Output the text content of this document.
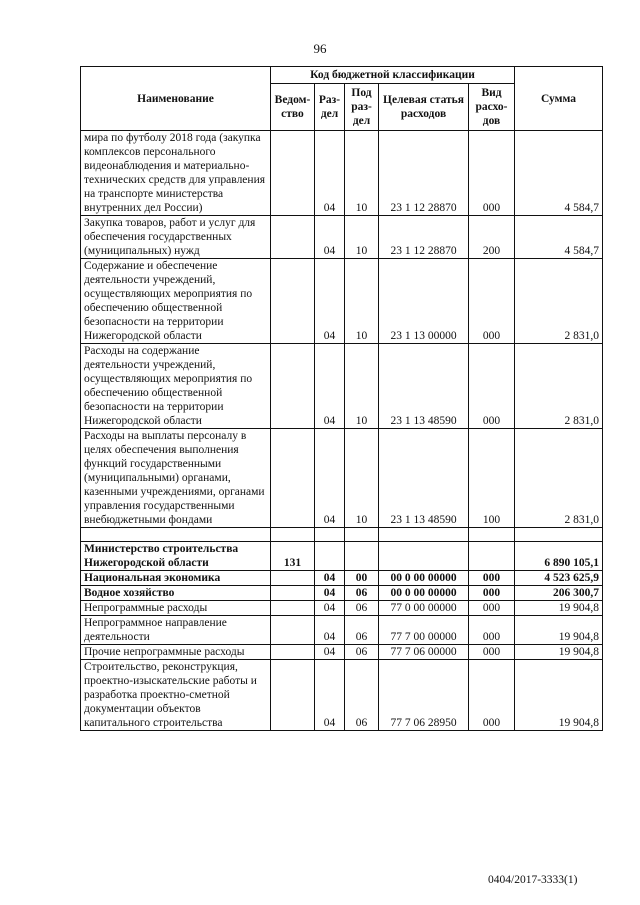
96
Наименование	Код бюджетной классификации					Сумма
	Ведом-ство	Раз-дел	Под раз-дел	Целевая статья расходов	Вид расхо-дов	
мира по футболу 2018 года (закупка комплексов персонального видеонаблюдения и материально-технических средств для управления на транспорте министерства внутренних дел России)		04	10	23 1 12 28870	000	4 584,7
Закупка товаров, работ и услуг для обеспечения государственных (муниципальных) нужд		04	10	23 1 12 28870	200	4 584,7
Содержание и обеспечение деятельности учреждений, осуществляющих мероприятия по обеспечению общественной безопасности на территории Нижегородской области		04	10	23 1 13 00000	000	2 831,0
Расходы на содержание деятельности учреждений, осуществляющих мероприятия по обеспечению общественной безопасности на территории Нижегородской области		04	10	23 1 13 48590	000	2 831,0
Расходы на выплаты персоналу в целях обеспечения выполнения функций государственными (муниципальными) органами, казенными учреждениями, органами управления государственными внебюджетными фондами		04	10	23 1 13 48590	100	2 831,0

Министерство строительства Нижегородской области	131					6 890 105,1
Национальная экономика		04	00	00 0 00 00000	000	4 523 625,9
Водное хозяйство		04	06	00 0 00 00000	000	206 300,7
Непрограммные расходы		04	06	77 0 00 00000	000	19 904,8
Непрограммное направление деятельности		04	06	77 7 00 00000	000	19 904,8
Прочие непрограммные расходы		04	06	77 7 06 00000	000	19 904,8
Строительство, реконструкция, проектно-изыскательские работы и разработка проектно-сметной документации объектов капитального строительства		04	06	77 7 06 28950	000	19 904,8
0404/2017-3333(1)
